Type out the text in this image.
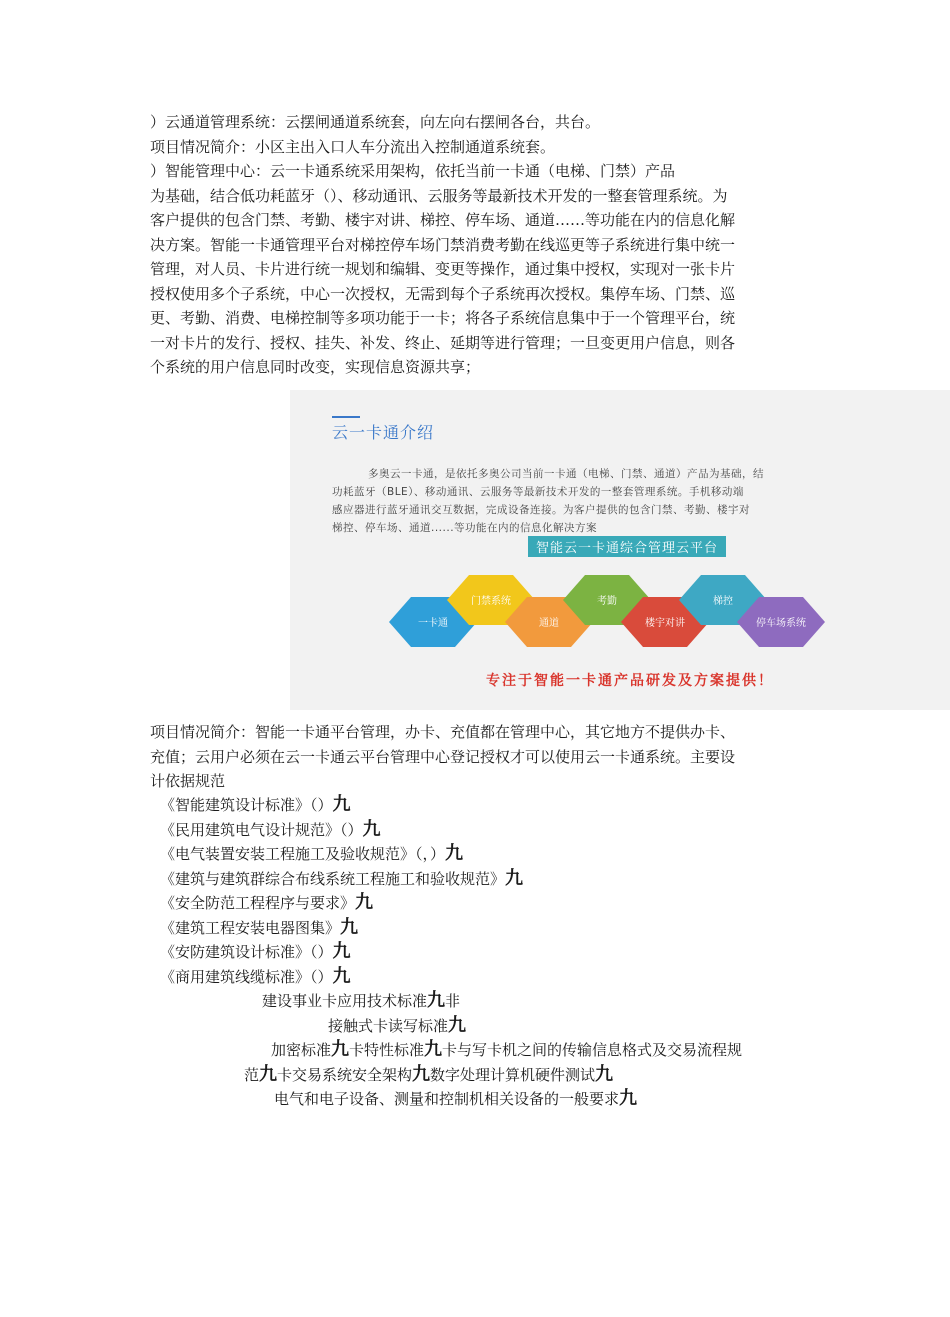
）云通道管理系统：云摆闸通道系统套，向左向右摆闸各台，共台。
项目情况简介：小区主出入口人车分流出入控制通道系统套。
）智能管理中心：云一卡通系统采用架构，依托当前一卡通（电梯、门禁）产品
为基础，结合低功耗蓝牙（）、移动通讯、云服务等最新技术开发的一整套管理系统。为
客户提供的包含门禁、考勤、楼宇对讲、梯控、停车场、通道……等功能在内的信息化解
决方案。智能一卡通管理平台对梯控停车场门禁消费考勤在线巡更等子系统进行集中统一
管理，对人员、卡片进行统一规划和编辑、变更等操作，通过集中授权，实现对一张卡片
授权使用多个子系统，中心一次授权，无需到每个子系统再次授权。集停车场、门禁、巡
更、考勤、消费、电梯控制等多项功能于一卡；将各子系统信息集中于一个管理平台，统
一对卡片的发行、授权、挂失、补发、终止、延期等进行管理；一旦变更用户信息，则各
个系统的用户信息同时改变，实现信息资源共享；
云一卡通介绍
多奥云一卡通，是依托多奥公司当前一卡通（电梯、门禁、通道）产品为基础，结
功耗蓝牙（BLE）、移动通讯、云服务等最新技术开发的一整套管理系统。手机移动端
感应器进行蓝牙通讯交互数据，完成设备连接。为客户提供的包含门禁、考勤、楼宇对
梯控、停车场、通道......等功能在内的信息化解决方案
智能云一卡通综合管理云平台
一卡通
门禁系统
通道
考勤
楼宇对讲
梯控
停车场系统
专注于智能一卡通产品研发及方案提供！
项目情况简介：智能一卡通平台管理，办卡、充值都在管理中心，其它地方不提供办卡、
充值；云用户必须在云一卡通云平台管理中心登记授权才可以使用云一卡通系统。主要设
计依据规范
《智能建筑设计标准》（）九
《民用建筑电气设计规范》（）九
《电气装置安装工程施工及验收规范》（，）九
《建筑与建筑群综合布线系统工程施工和验收规范》九
《安全防范工程程序与要求》九
《建筑工程安装电器图集》九
《安防建筑设计标准》（）九
《商用建筑线缆标准》（）九
建设事业卡应用技术标准九非
接触式卡读写标准九
加密标准九卡特性标准九卡与写卡机之间的传输信息格式及交易流程规
范九卡交易系统安全架构九数字处理计算机硬件测试九
电气和电子设备、测量和控制机相关设备的一般要求九
